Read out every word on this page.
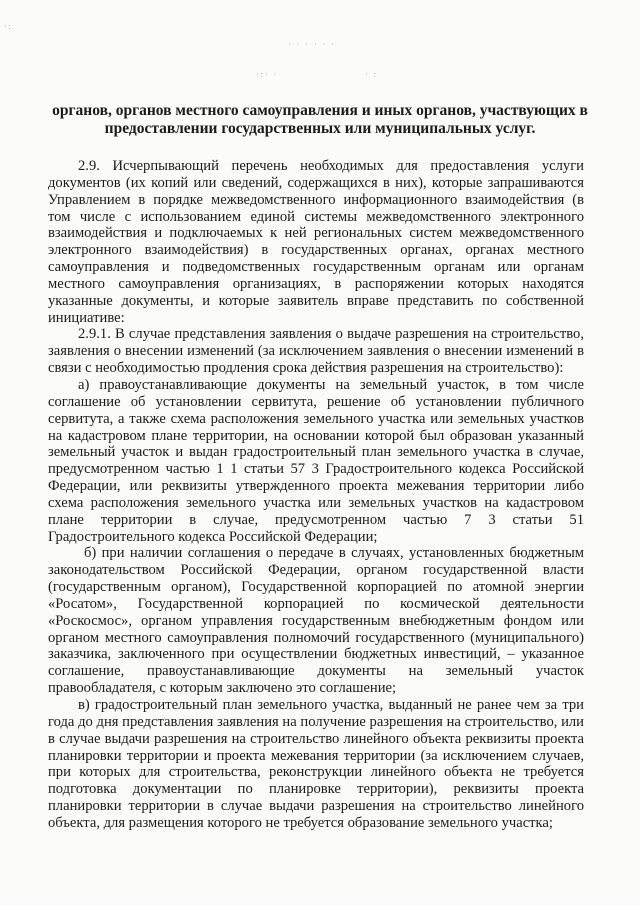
·:
· · · · · ·
·:· ·	· :
органов, органов местного самоуправления и иных органов, участвующих в предоставлении государственных или муниципальных услуг.

2.9. Исчерпывающий перечень необходимых для предоставления услуги документов (их копий или сведений, содержащихся в них), которые запрашиваются Управлением в порядке межведомственного информационного взаимодействия (в том числе с использованием единой системы межведомственного электронного взаимодействия и подключаемых к ней региональных систем межведомственного электронного взаимодействия) в государственных органах, органах местного самоуправления и подведомственных государственным органам или органам местного самоуправления организациях, в распоряжении которых находятся указанные документы, и которые заявитель вправе представить по собственной инициативе:

2.9.1. В случае представления заявления о выдаче разрешения на строительство, заявления о внесении изменений (за исключением заявления о внесении изменений в связи с необходимостью продления срока действия разрешения на строительство):

а) правоустанавливающие документы на земельный участок, в том числе соглашение об установлении сервитута, решение об установлении публичного сервитута, а также схема расположения земельного участка или земельных участков на кадастровом плане территории, на основании которой был образован указанный земельный участок и выдан градостроительный план земельного участка в случае, предусмотренном частью 1 1 статьи 57 3 Градостроительного кодекса Российской Федерации, или реквизиты утвержденного проекта межевания территории либо схема расположения земельного участка или земельных участков на кадастровом плане территории в случае, предусмотренном частью 7 3 статьи 51 Градостроительного кодекса Российской Федерации;

б) при наличии соглашения о передаче в случаях, установленных бюджетным законодательством Российской Федерации, органом государственной власти (государственным органом), Государственной корпорацией по атомной энергии «Росатом», Государственной корпорацией по космической деятельности «Роскосмос», органом управления государственным внебюджетным фондом или органом местного самоуправления полномочий государственного (муниципального) заказчика, заключенного при осуществлении бюджетных инвестиций, – указанное соглашение, правоустанавливающие документы на земельный участок правообладателя, с которым заключено это соглашение;

в) градостроительный план земельного участка, выданный не ранее чем за три года до дня представления заявления на получение разрешения на строительство, или в случае выдачи разрешения на строительство линейного объекта реквизиты проекта планировки территории и проекта межевания территории (за исключением случаев, при которых для строительства, реконструкции линейного объекта не требуется подготовка документации по планировке территории), реквизиты проекта планировки территории в случае выдачи разрешения на строительство линейного объекта, для размещения которого не требуется образование земельного участка;
